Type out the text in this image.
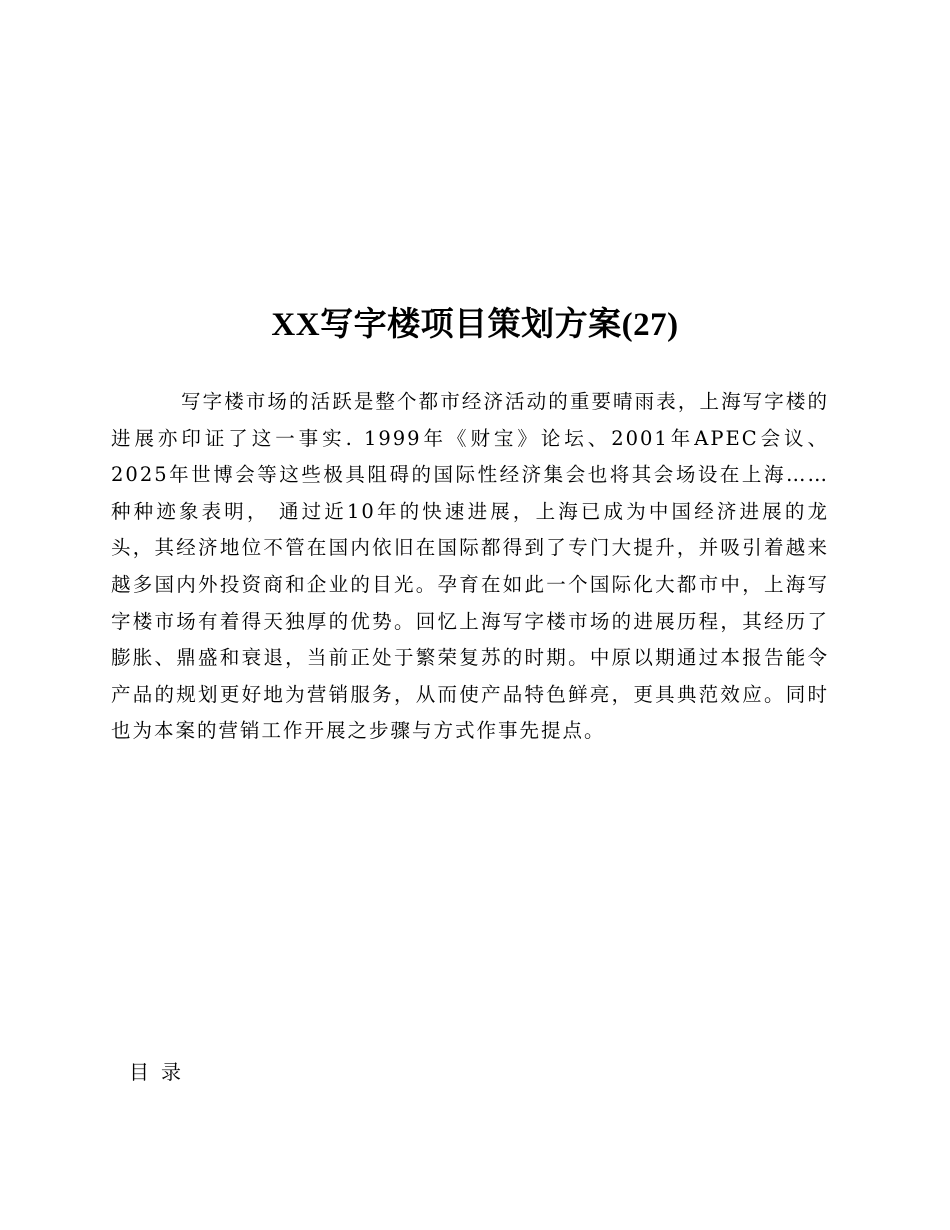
XX写字楼项目策划方案(27)

写字楼市场的活跃是整个都市经济活动的重要晴雨表，上海写字楼的进展亦印证了这一事实. 1999年《财宝》论坛、2001年APEC会议、2025年世博会等这些极具阻碍的国际性经济集会也将其会场设在上海……种种迹象表明， 通过近10年的快速进展，上海已成为中国经济进展的龙头，其经济地位不管在国内依旧在国际都得到了专门大提升，并吸引着越来越多国内外投资商和企业的目光。孕育在如此一个国际化大都市中，上海写字楼市场有着得天独厚的优势。回忆上海写字楼市场的进展历程，其经历了膨胀、鼎盛和衰退，当前正处于繁荣复苏的时期。中原以期通过本报告能令产品的规划更好地为营销服务，从而使产品特色鲜亮，更具典范效应。同时也为本案的营销工作开展之步骤与方式作事先提点。

目录
